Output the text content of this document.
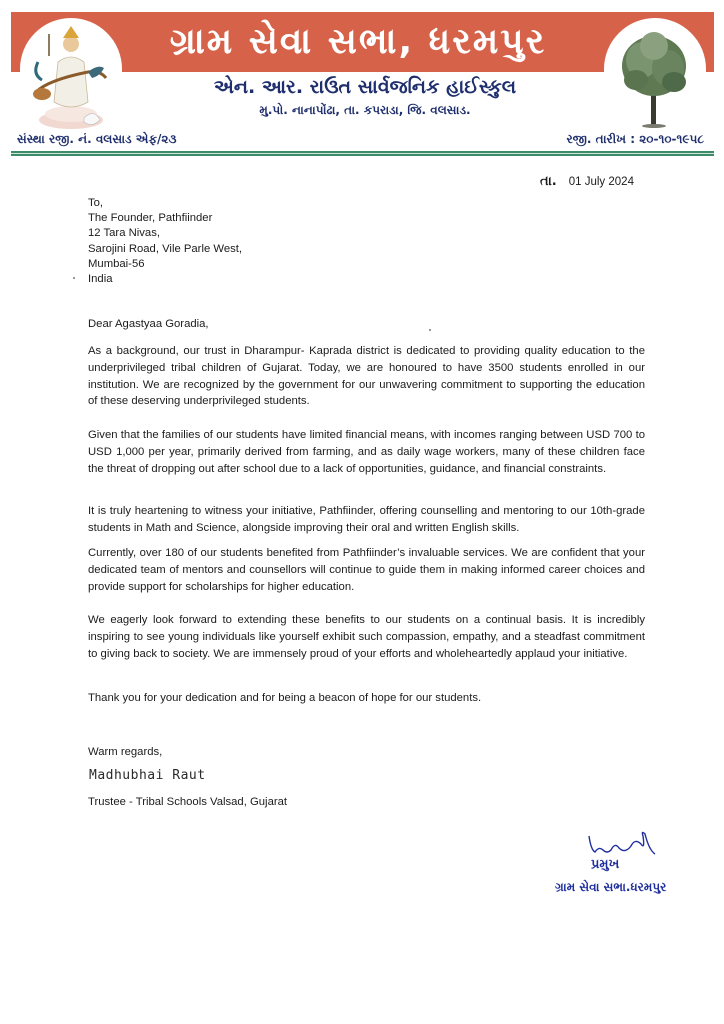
ગ્રામ સેવા સભા, ધરમપુર
એન. આર. રાઉત સાર્વજનિક હાઈસ્કુલ
મુ.પો. નાનાપોંઢા, તા. કપરાડા, જિ. વલસાડ.
સંસ્થા રજી. નં. વલસાડ એફ/૨૩	રજી. તારીખ : ૨૦-૧૦-૧૯૫૮
તા. 01 July 2024
To,
The Founder, Pathfiinder
12 Tara Nivas,
Sarojini Road, Vile Parle West,
Mumbai-56
India
Dear Agastyaa Goradia,

As a background, our trust in Dharampur- Kaprada district is dedicated to providing quality education to the underprivileged tribal children of Gujarat. Today, we are honoured to have 3500 students enrolled in our institution. We are recognized by the government for our unwavering commitment to supporting the education of these deserving underprivileged students.

Given that the families of our students have limited financial means, with incomes ranging between USD 700 to USD 1,000 per year, primarily derived from farming, and as daily wage workers, many of these children face the threat of dropping out after school due to a lack of opportunities, guidance, and financial constraints.

It is truly heartening to witness your initiative, Pathfiinder, offering counselling and mentoring to our 10th-grade students in Math and Science, alongside improving their oral and written English skills.

Currently, over 180 of our students benefited from Pathfiinder’s invaluable services. We are confident that your dedicated team of mentors and counsellors will continue to guide them in making informed career choices and provide support for scholarships for higher education.

We eagerly look forward to extending these benefits to our students on a continual basis. It is incredibly inspiring to see young individuals like yourself exhibit such compassion, empathy, and a steadfast commitment to giving back to society. We are immensely proud of your efforts and wholeheartedly applaud your initiative.

Thank you for your dedication and for being a beacon of hope for our students.

Warm regards,
Madhubhai Raut
Trustee - Tribal Schools Valsad, Gujarat
પ્રમુખ
ગ્રામ સેવા સભા.ધરમપુર
